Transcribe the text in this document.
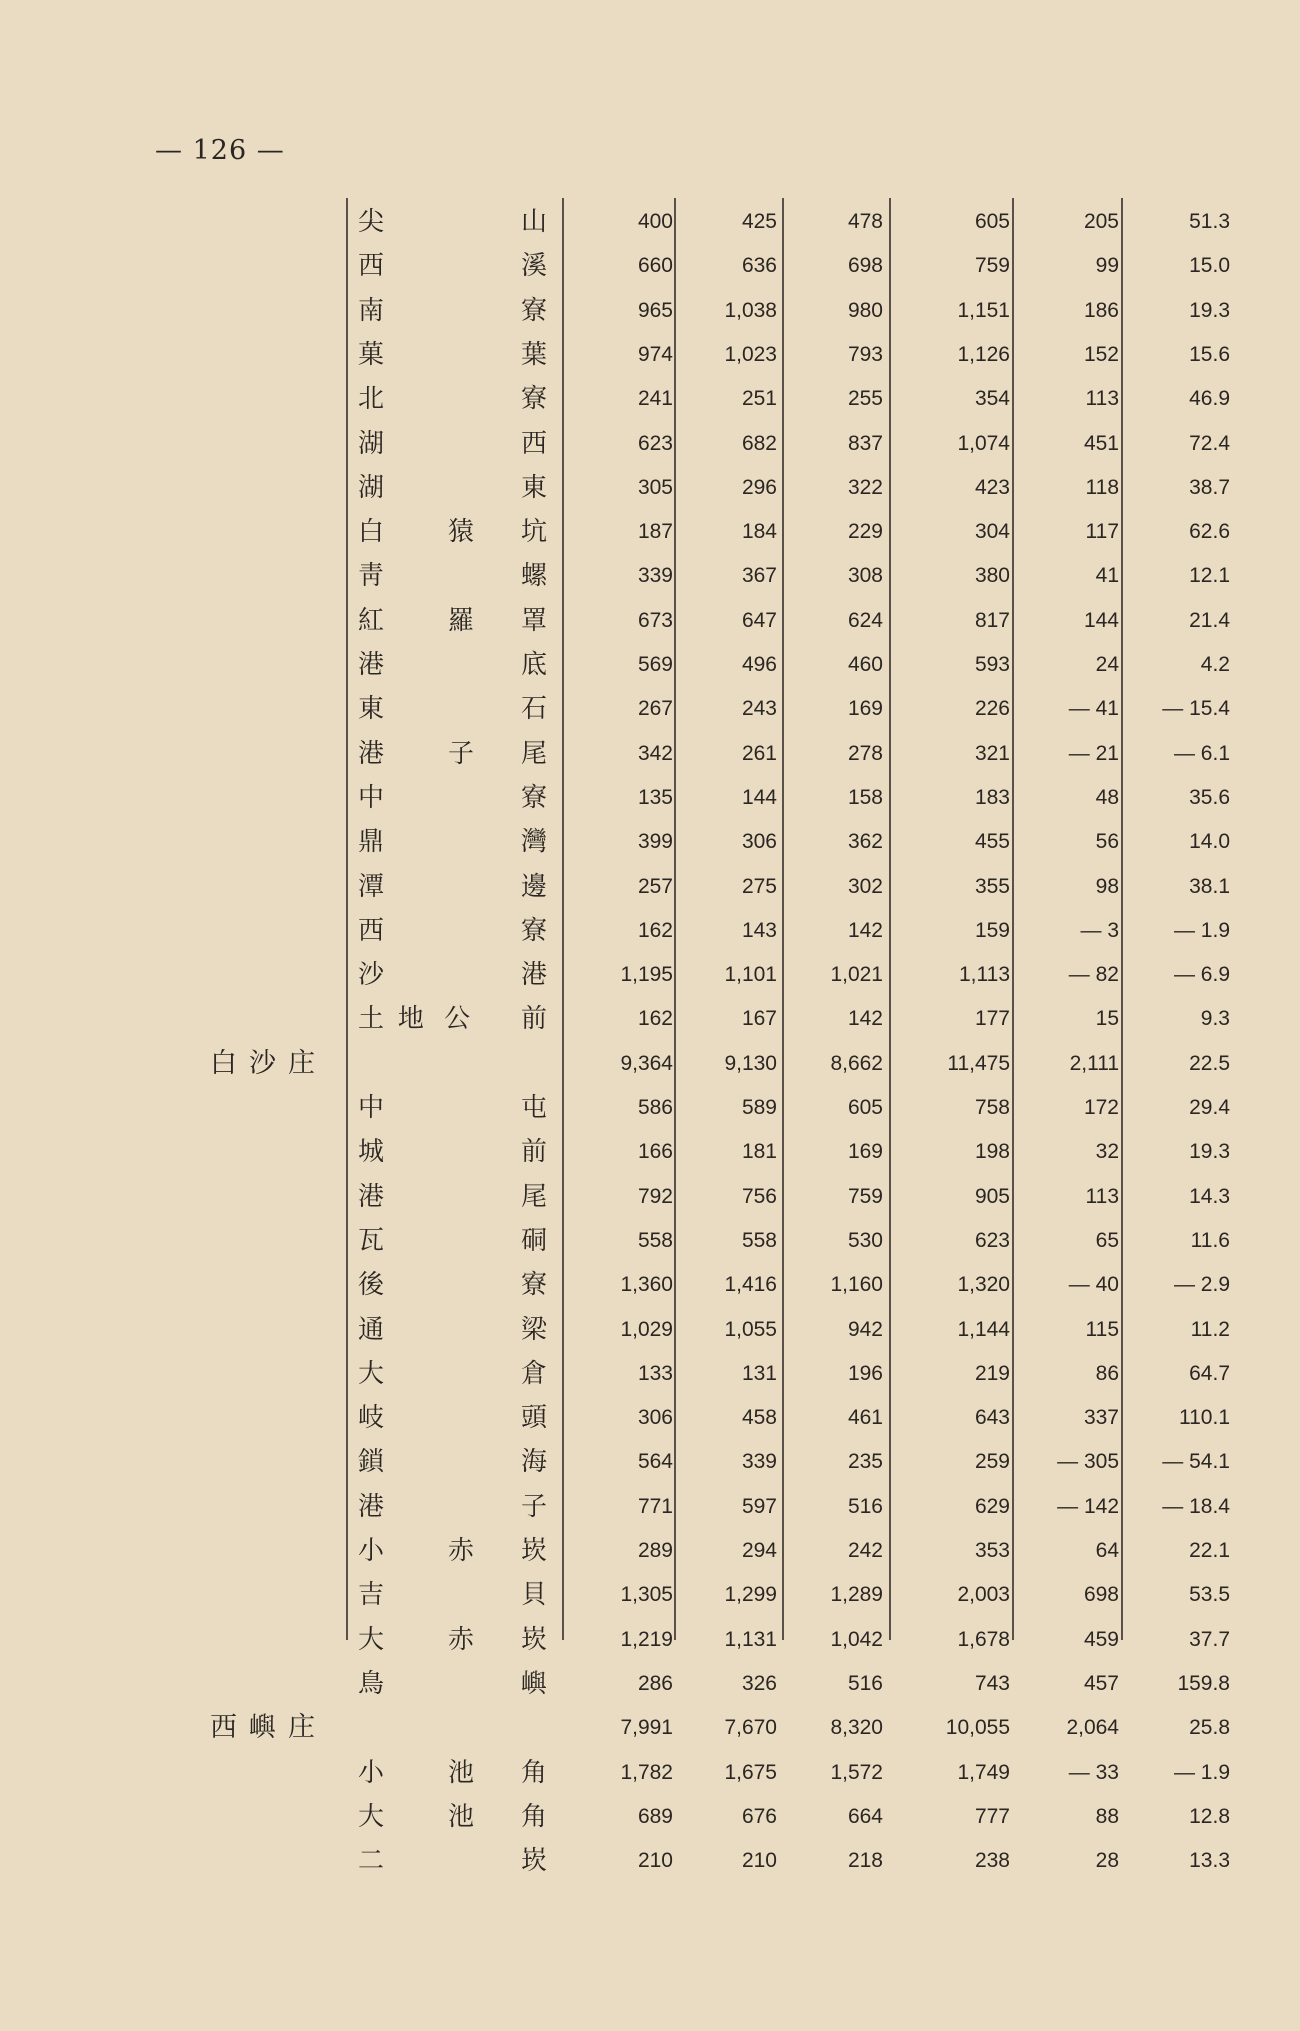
— 126 —
尖	山	400	425	478	605	205	51.3
西	溪	660	636	698	759	99	15.0
南	寮	965	1,038	980	1,151	186	19.3
菓	葉	974	1,023	793	1,126	152	15.6
北	寮	241	251	255	354	113	46.9
湖	西	623	682	837	1,074	451	72.4
湖	東	305	296	322	423	118	38.7
白 猿 坑	187	184	229	304	117	62.6
靑	螺	339	367	308	380	41	12.1
紅 羅 罩	673	647	624	817	144	21.4
港	底	569	496	460	593	24	4.2
東	石	267	243	169	226	— 41	— 15.4
港 子 尾	342	261	278	321	— 21	— 6.1
中	寮	135	144	158	183	48	35.6
鼎	灣	399	306	362	455	56	14.0
潭	邊	257	275	302	355	98	38.1
西	寮	162	143	142	159	— 3	— 1.9
沙	港	1,195	1,101	1,021	1,113	— 82	— 6.9
土 地 公 前	162	167	142	177	15	9.3
白沙庄	9,364	9,130	8,662	11,475	2,111	22.5
中	屯	586	589	605	758	172	29.4
城	前	166	181	169	198	32	19.3
港	尾	792	756	759	905	113	14.3
瓦	硐	558	558	530	623	65	11.6
後	寮	1,360	1,416	1,160	1,320	— 40	— 2.9
通	梁	1,029	1,055	942	1,144	115	11.2
大	倉	133	131	196	219	86	64.7
岐	頭	306	458	461	643	337	110.1
鎖	海	564	339	235	259	— 305	— 54.1
港	子	771	597	516	629	— 142	— 18.4
小 赤 崁	289	294	242	353	64	22.1
吉	貝	1,305	1,299	1,289	2,003	698	53.5
大 赤 崁	1,219	1,131	1,042	1,678	459	37.7
鳥	嶼	286	326	516	743	457	159.8
西嶼庄	7,991	7,670	8,320	10,055	2,064	25.8
小 池 角	1,782	1,675	1,572	1,749	— 33	— 1.9
大 池 角	689	676	664	777	88	12.8
二	崁	210	210	218	238	28	13.3
